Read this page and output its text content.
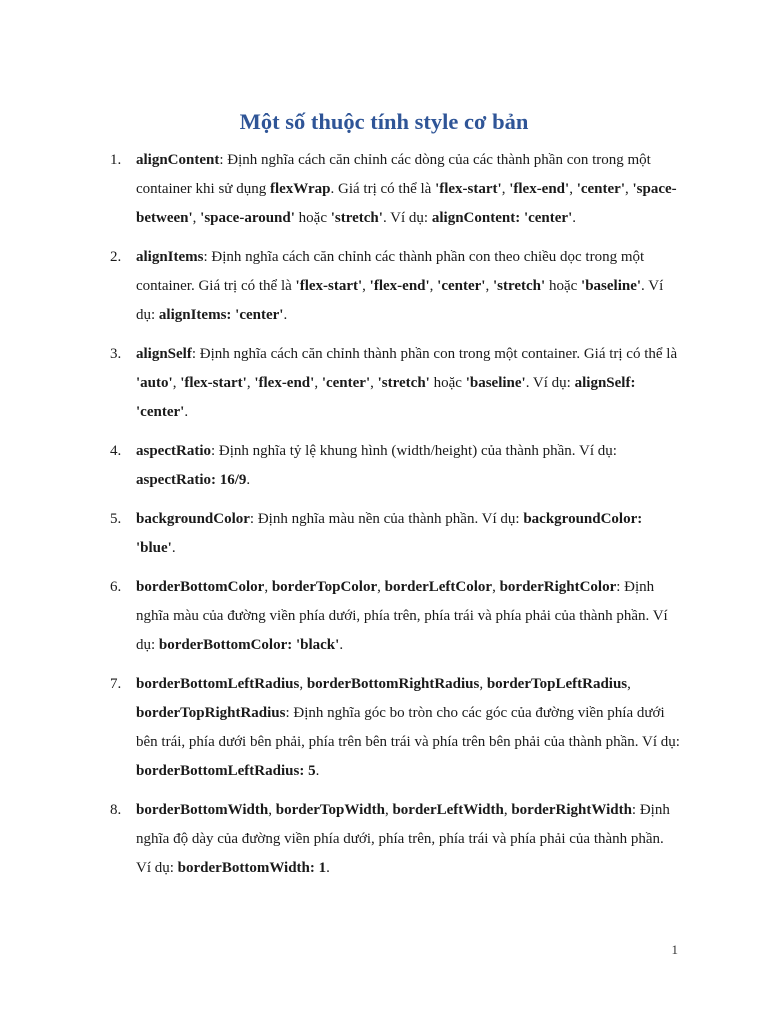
Một số thuộc tính style cơ bản
1. alignContent: Định nghĩa cách căn chỉnh các dòng của các thành phần con trong một container khi sử dụng flexWrap. Giá trị có thể là 'flex-start', 'flex-end', 'center', 'space-between', 'space-around' hoặc 'stretch'. Ví dụ: alignContent: 'center'.
2. alignItems: Định nghĩa cách căn chỉnh các thành phần con theo chiều dọc trong một container. Giá trị có thể là 'flex-start', 'flex-end', 'center', 'stretch' hoặc 'baseline'. Ví dụ: alignItems: 'center'.
3. alignSelf: Định nghĩa cách căn chỉnh thành phần con trong một container. Giá trị có thể là 'auto', 'flex-start', 'flex-end', 'center', 'stretch' hoặc 'baseline'. Ví dụ: alignSelf: 'center'.
4. aspectRatio: Định nghĩa tỷ lệ khung hình (width/height) của thành phần. Ví dụ: aspectRatio: 16/9.
5. backgroundColor: Định nghĩa màu nền của thành phần. Ví dụ: backgroundColor: 'blue'.
6. borderBottomColor, borderTopColor, borderLeftColor, borderRightColor: Định nghĩa màu của đường viền phía dưới, phía trên, phía trái và phía phải của thành phần. Ví dụ: borderBottomColor: 'black'.
7. borderBottomLeftRadius, borderBottomRightRadius, borderTopLeftRadius, borderTopRightRadius: Định nghĩa góc bo tròn cho các góc của đường viền phía dưới bên trái, phía dưới bên phải, phía trên bên trái và phía trên bên phải của thành phần. Ví dụ: borderBottomLeftRadius: 5.
8. borderBottomWidth, borderTopWidth, borderLeftWidth, borderRightWidth: Định nghĩa độ dày của đường viền phía dưới, phía trên, phía trái và phía phải của thành phần. Ví dụ: borderBottomWidth: 1.
1
